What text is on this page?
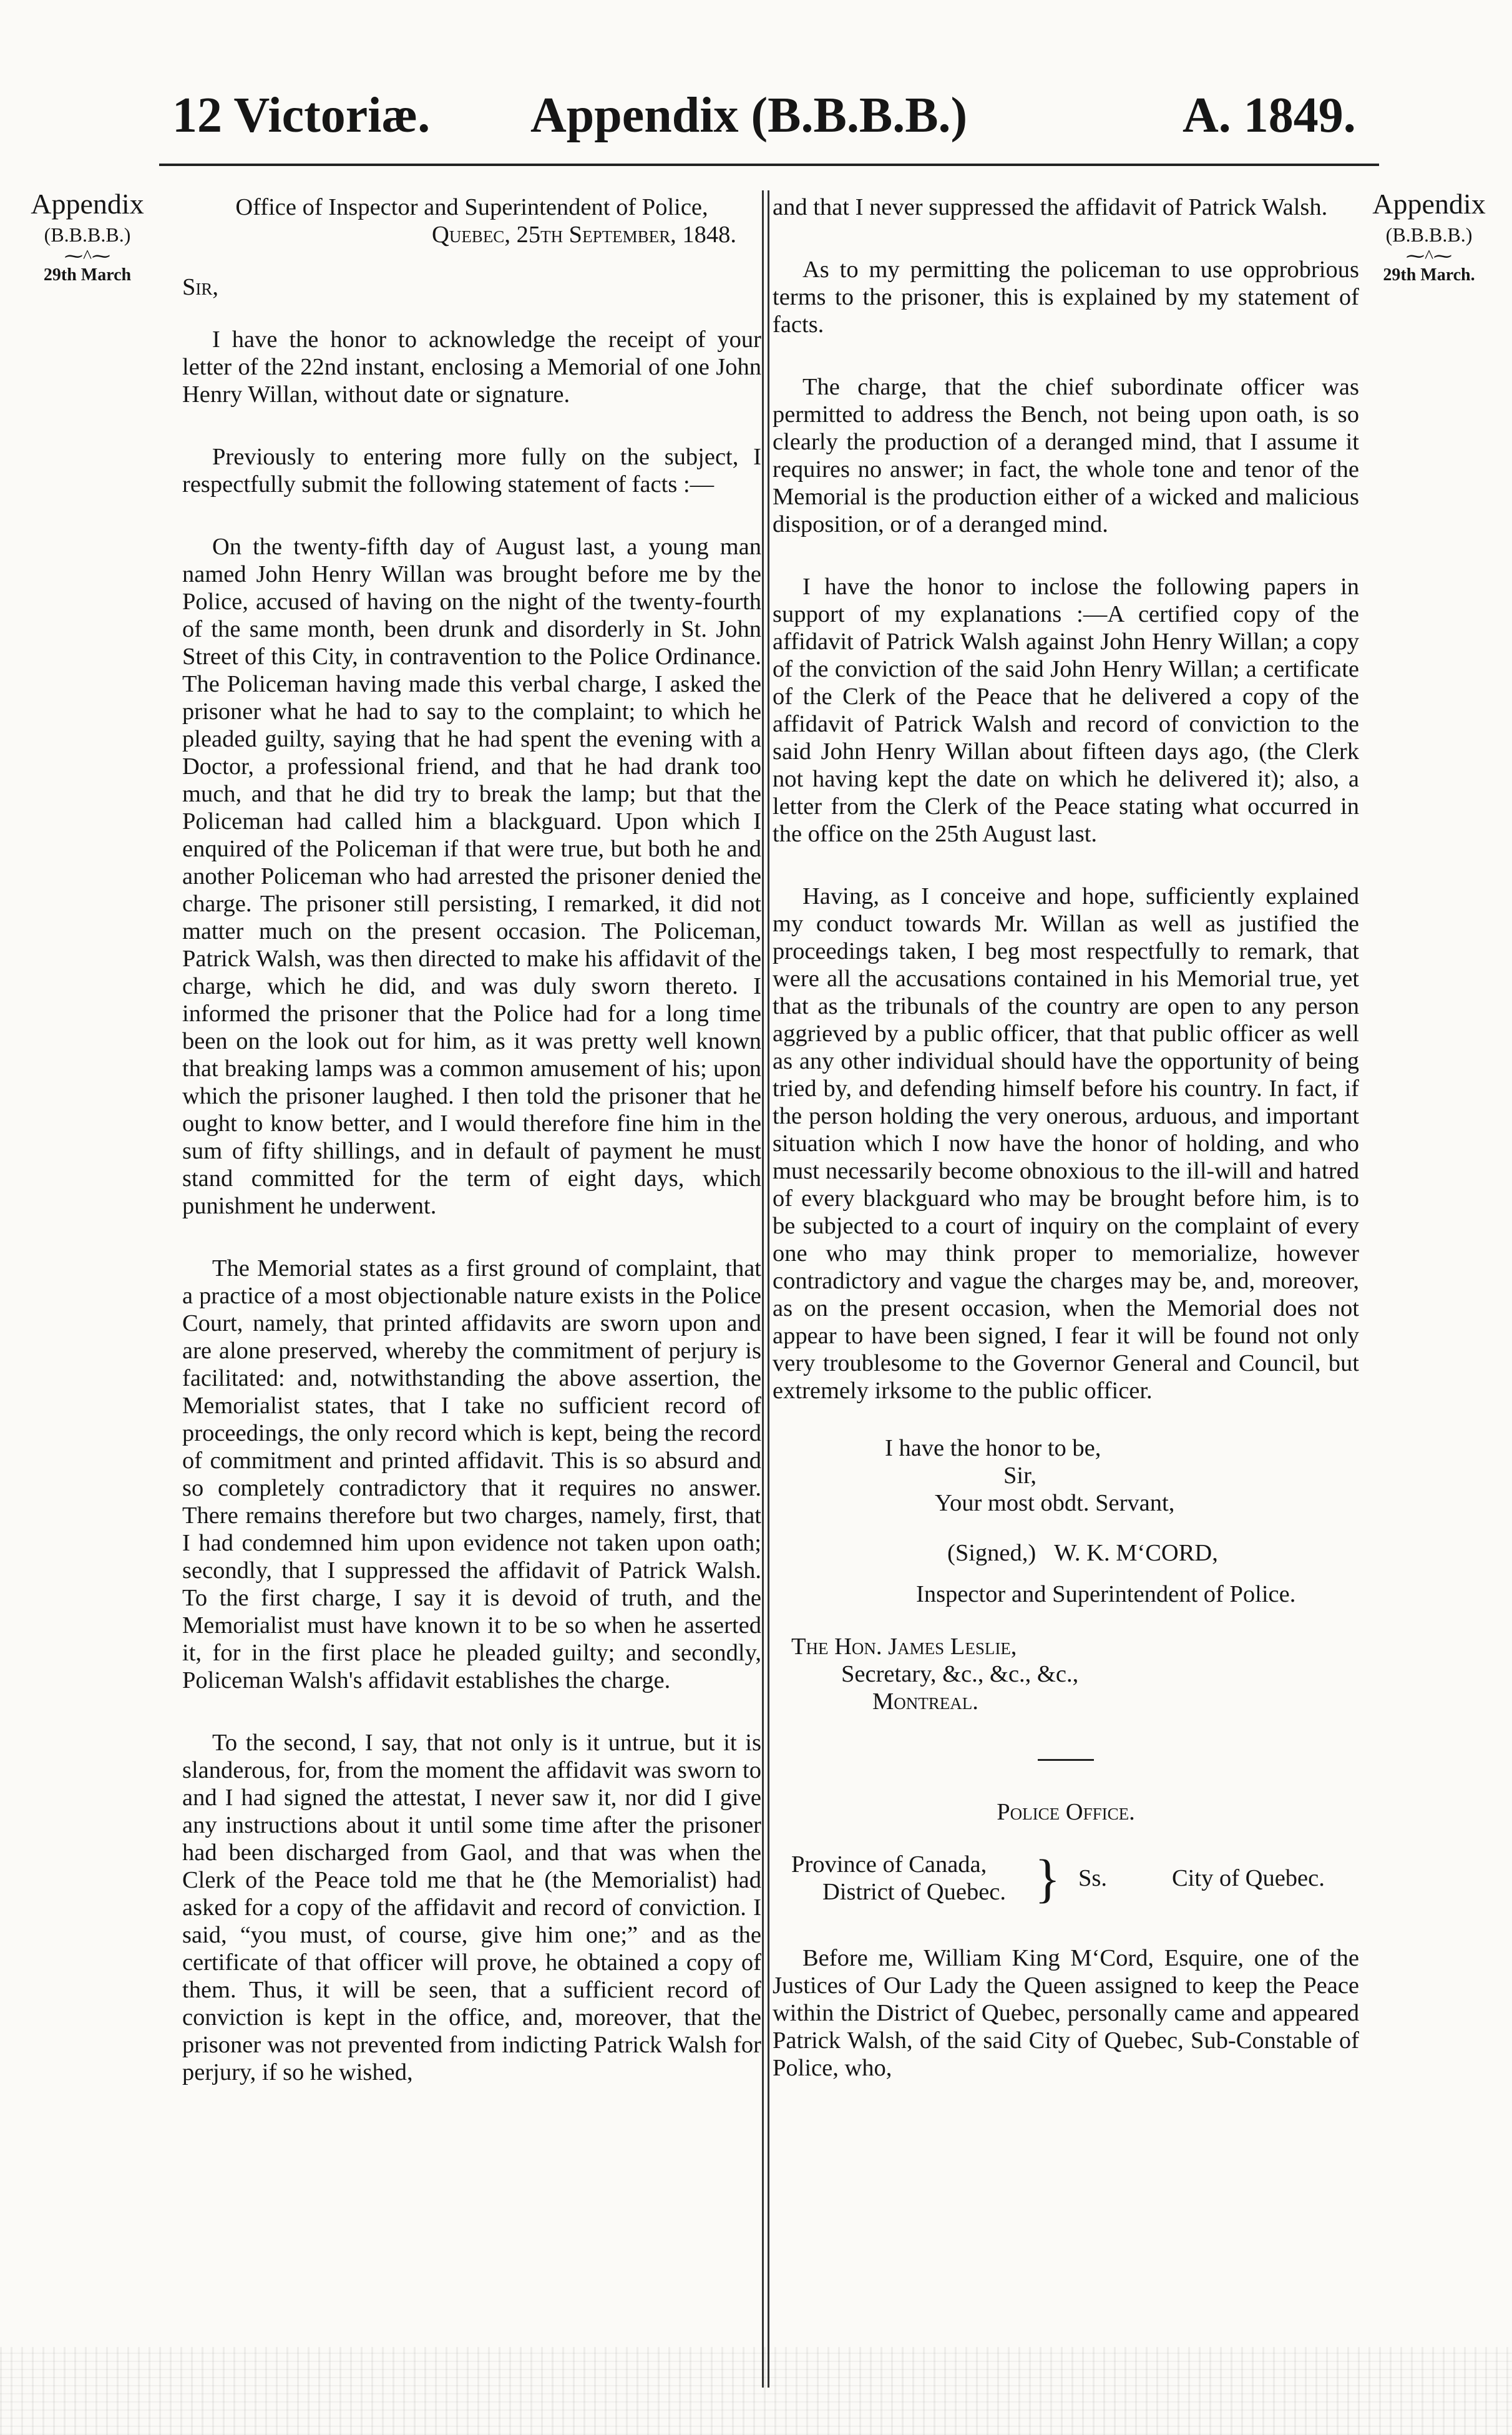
12 Victoriæ. Appendix (B.B.B.B.)	A. 1849.
Appendix
(B.B.B.B.)
⁓^⁓
29th March
Appendix
(B.B.B.B.)
⁓^⁓
29th March.

Office of Inspector and Superintendent of Police,

Quebec, 25th September, 1848.

Sir,

I have the honor to acknowledge the receipt of your letter of the 22nd instant, enclosing a Memorial of one John Henry Willan, without date or signature.

Previously to entering more fully on the subject, I respectfully submit the following statement of facts :—

On the twenty-fifth day of August last, a young man named John Henry Willan was brought before me by the Police, accused of having on the night of the twenty-fourth of the same month, been drunk and disorderly in St. John Street of this City, in contravention to the Police Ordinance. The Policeman having made this verbal charge, I asked the prisoner what he had to say to the complaint; to which he pleaded guilty, saying that he had spent the evening with a Doctor, a professional friend, and that he had drank too much, and that he did try to break the lamp; but that the Policeman had called him a blackguard. Upon which I enquired of the Policeman if that were true, but both he and another Policeman who had arrested the prisoner denied the charge. The prisoner still persisting, I remarked, it did not matter much on the present occasion. The Policeman, Patrick Walsh, was then directed to make his affidavit of the charge, which he did, and was duly sworn thereto. I informed the prisoner that the Police had for a long time been on the look out for him, as it was pretty well known that breaking lamps was a common amusement of his; upon which the prisoner laughed. I then told the prisoner that he ought to know better, and I would therefore fine him in the sum of fifty shillings, and in default of payment he must stand committed for the term of eight days, which punishment he underwent.

The Memorial states as a first ground of complaint, that a practice of a most objectionable nature exists in the Police Court, namely, that printed affidavits are sworn upon and are alone preserved, whereby the commitment of perjury is facilitated: and, notwithstanding the above assertion, the Memorialist states, that I take no sufficient record of proceedings, the only record which is kept, being the record of commitment and printed affidavit. This is so absurd and so completely contradictory that it requires no answer. There remains therefore but two charges, namely, first, that I had condemned him upon evidence not taken upon oath; secondly, that I suppressed the affidavit of Patrick Walsh. To the first charge, I say it is devoid of truth, and the Memorialist must have known it to be so when he asserted it, for in the first place he pleaded guilty; and secondly, Policeman Walsh's affidavit establishes the charge.

To the second, I say, that not only is it untrue, but it is slanderous, for, from the moment the affidavit was sworn to and I had signed the attestat, I never saw it, nor did I give any instructions about it until some time after the prisoner had been discharged from Gaol, and that was when the Clerk of the Peace told me that he (the Memorialist) had asked for a copy of the affidavit and record of conviction. I said, “you must, of course, give him one;” and as the certificate of that officer will prove, he obtained a copy of them. Thus, it will be seen, that a sufficient record of conviction is kept in the office, and, moreover, that the prisoner was not prevented from indicting Patrick Walsh for perjury, if so he wished,

and that I never suppressed the affidavit of Patrick Walsh.

As to my permitting the policeman to use opprobrious terms to the prisoner, this is explained by my statement of facts.

The charge, that the chief subordinate officer was permitted to address the Bench, not being upon oath, is so clearly the production of a deranged mind, that I assume it requires no answer; in fact, the whole tone and tenor of the Memorial is the production either of a wicked and malicious disposition, or of a deranged mind.

I have the honor to inclose the following papers in support of my explanations :—A certified copy of the affidavit of Patrick Walsh against John Henry Willan; a copy of the conviction of the said John Henry Willan; a certificate of the Clerk of the Peace that he delivered a copy of the affidavit of Patrick Walsh and record of conviction to the said John Henry Willan about fifteen days ago, (the Clerk not having kept the date on which he delivered it); also, a letter from the Clerk of the Peace stating what occurred in the office on the 25th August last.

Having, as I conceive and hope, sufficiently explained my conduct towards Mr. Willan as well as justified the proceedings taken, I beg most respectfully to remark, that were all the accusations contained in his Memorial true, yet that as the tribunals of the country are open to any person aggrieved by a public officer, that that public officer as well as any other individual should have the opportunity of being tried by, and defending himself before his country. In fact, if the person holding the very onerous, arduous, and important situation which I now have the honor of holding, and who must necessarily become obnoxious to the ill-will and hatred of every blackguard who may be brought before him, is to be subjected to a court of inquiry on the complaint of every one who may think proper to memorialize, however contradictory and vague the charges may be, and, moreover, as on the present occasion, when the Memorial does not appear to have been signed, I fear it will be found not only very troublesome to the Governor General and Council, but extremely irksome to the public officer.

I have the honor to be,

Sir,

Your most obdt. Servant,

(Signed,) W. K. M‘CORD,

Inspector and Superintendent of Police.

The Hon. James Leslie,

Secretary, &c., &c., &c.,

Montreal.

Police Office.

Province of Canada,
District of Quebec. } Ss.	City of Quebec.

Before me, William King M‘Cord, Esquire, one of the Justices of Our Lady the Queen assigned to keep the Peace within the District of Quebec, personally came and appeared Patrick Walsh, of the said City of Quebec, Sub-Constable of Police, who,
